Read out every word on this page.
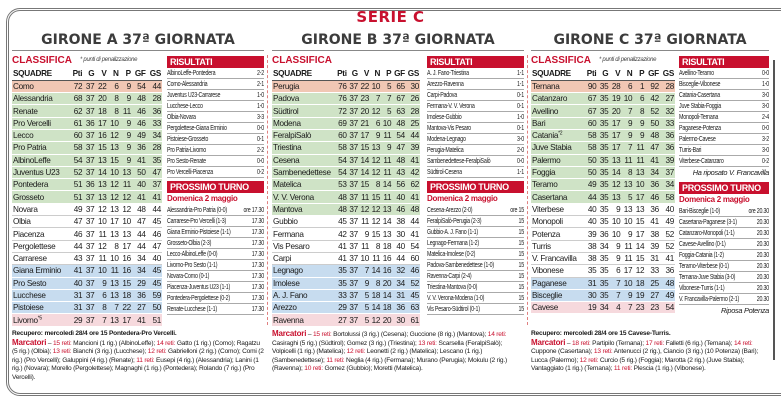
SERIE C
GIRONE A 37ª GIORNATA
CLASSIFICA * punti di penalizzazione
SQUADRE	Pti	G	V	N	P	GF	GS
Como	72	37	22	6	9	54	44
Alessandria	68	37	20	8	9	48	28
Renate	62	37	18	8	11	46	36
Pro Vercelli	61	36	17	10	9	46	33
Lecco	60	37	16	12	9	49	34
Pro Patria	58	37	15	13	9	36	28
AlbinoLeffe	54	37	13	15	9	41	35
Juventus U23	52	37	14	10	13	50	47
Pontedera	51	36	13	12	11	40	37
Grosseto	51	37	13	12	12	41	41
Novara	49	37	12	13	12	48	44
Olbia	47	37	10	17	10	47	45
Piacenza	46	37	11	13	13	44	46
Pergolettese	44	37	12	8	17	44	47
Carrarese	43	37	11	10	16	34	40
Giana Erminio	41	37	10	11	16	34	45
Pro Sesto	40	37	9	13	15	29	45
Lucchese	31	37	6	13	18	36	59
Pistoiese	31	37	8	7	22	27	50
Livorno$^{*5}$	29	37	7	13	17	41	51
RISULTATI
AlbinoLeffe-Pontedera	2-2
Como-Alessandria	2-1
Juventus U23-Carrarese	1-0
Lucchese-Lecco	1-0
Olbia-Novara	3-3
Pergolettese-Giana Erminio	0-0
Pistoiese-Grosseto	0-1
Pro Patria-Livorno	2-2
Pro Sesto-Renate	0-0
Pro Vercelli-Piacenza	0-2
PROSSIMO TURNO
Domenica 2 maggio
Alessandria-Pro Patria (0-0) ore 17.30
Carrarese-Pro Vercelli (1-3)	17.30
Giana Erminio-Pistoiese (1-1)	17.30
Grosseto-Olbia (2-3)	17.30
Lecco-AlbinoLeffe (0-0)	17.30
Livorno-Pro Sesto (1-1)	17.30
Novara-Como (0-1)	17.30
Piacenza-Juventus U23 (1-1)	17.30
Pontedera-Pergolettese (0-2)	17.30
Renate-Lucchese (1-1)	17.30
Recupero: mercoledì 28/4 ore 15 Pontedera-Pro Vercelli.
Marcatori – 15 reti: Mancioni (1 rig.) (AlbinoLeffe); 14 reti: Gatto (1 rig.) (Como); Ragatzu (5 rig.) (Olbia); 13 reti: Bianchi (3 rig.) (Lucchese); 12 reti: Gabrielloni (2 rig.) (Como); Comi (2 rig.) (Pro Vercelli); Galuppini (4 rig.) (Renate); 11 reti: Eusepi (4 rig.) (Alessandria); Lanini (1 rig.) (Novara); Morello (Pergolettese); Magnaghi (1 rig.) (Pontedera); Rolando (7 rig.) (Pro Vercelli).
GIRONE B 37ª GIORNATA
CLASSIFICA
SQUADRE	Pti	G	V	N	P	GF	GS
Perugia	76	37	22	10	5	65	30
Padova	76	37	23	7	7	67	26
Südtirol	72	37	20	12	5	63	28
Modena	69	37	21	6	10	48	25
FeralpiSalò	60	37	17	9	11	54	44
Triestina	58	37	15	13	9	47	39
Cesena	54	37	14	12	11	48	41
Sambenedettese	54	37	14	12	11	43	42
Matelica	53	37	15	8	14	56	62
V. V. Verona	48	37	11	15	11	40	41
Mantova	48	37	12	12	13	46	48
Gubbio	45	37	11	12	14	38	44
Fermana	42	37	9	15	13	30	41
Vis Pesaro	41	37	11	8	18	40	54
Carpi	41	37	10	11	16	44	60
Legnago	35	37	7	14	16	32	46
Imolese	35	37	9	8	20	34	52
A. J. Fano	33	37	5	18	14	31	45
Arezzo	29	37	5	14	18	36	63
Ravenna	27	37	5	12	20	30	61
RISULTATI
A. J. Fano-Triestina	1-1
Arezzo-Ravenna	1-1
Carpi-Padova	0-1
Fermana-V. V. Verona	0-1
Imolese-Gubbio	1-0
Mantova-Vis Pesaro	0-1
Modena-Legnago	3-0
Perugia-Matelica	2-0
Sambenedettese-FeralpiSalò	0-0
Südtirol-Cesena	1-1
PROSSIMO TURNO
Domenica 2 maggio
Cesena-Arezzo (2-0)	ore 15
FeralpiSalò-Perugia (2-3)	15
Gubbio-A. J. Fano (1-1)	15
Legnago-Fermana (1-2)	15
Matelica-Imolese (0-2)	15
Padova-Sambenedettese (1-0)	15
Ravenna-Carpi (2-4)	15
Triestina-Mantova (0-0)	15
V. V. Verona-Modena (1-0)	15
Vis Pesaro-Südtirol (0-1)	15
Marcatori – 15 reti: Bortolussi (3 rig.) (Cesena); Guccione (8 rig.) (Mantova); 14 reti: Casiraghi (5 rig.) (Südtirol); Gomez (3 rig.) (Triestina); 13 reti: Scarsella (FeralpiSalò); Volpicelli (1 rig.) (Matelica); 12 reti: Leonetti (2 rig.) (Matelica); Lescano (1 rig.) (Sambenedettese); 11 reti: Neglia (4 rig.) (Fermana); Murano (Perugia); Mokulu (2 rig.) (Ravenna); 10 reti: Gomez (Gubbio); Moretti (Matelica).
GIRONE C 37ª GIORNATA
CLASSIFICA * punti di penalizzazione
SQUADRE	Pti	G	V	N	P	GF	GS
Ternana	90	35	28	6	1	92	28
Catanzaro	67	35	19	10	6	42	27
Avellino	67	35	20	7	8	52	32
Bari	60	35	17	9	9	50	33
Catania$^{*2}$	58	35	17	9	9	48	36
Juve Stabia	58	35	17	7	11	47	36
Palermo	50	35	13	11	11	41	39
Foggia	50	35	14	8	13	34	37
Teramo	49	35	12	13	10	36	34
Casertana	44	35	13	5	17	46	58
Viterbese	40	35	9	13	13	36	40
Monopoli	40	35	10	10	15	41	49
Potenza	39	36	10	9	17	38	52
Turris	38	34	9	11	14	39	52
V. Francavilla	38	35	9	11	15	31	41
Vibonese	35	35	6	17	12	33	36
Paganese	31	35	7	10	18	25	48
Bisceglie	30	35	7	9	19	27	49
Cavese	19	34	4	7	23	23	54
RISULTATI
Avellino-Teramo	0-0
Bisceglie-Vibonese	1-0
Catania-Casertana	3-0
Juve Stabia-Foggia	3-0
Monopoli-Ternana	2-4
Paganese-Potenza	0-0
Palermo-Cavese	3-2
Turris-Bari	3-0
Viterbese-Catanzaro	0-2
Ha riposato V. Francavilla
PROSSIMO TURNO
Domenica 2 maggio
Bari-Bisceglie (1-0)	ore 20.30
Casertana-Paganese (3-1)	20.30
Catanzaro-Monopoli (1-1)	20.30
Cavese-Avellino (0-1)	20.30
Foggia-Catania (1-2)	20.30
Teramo-Viterbese (0-1)	20.30
Ternana-Juve Stabia (3-0)	20.30
Vibonese-Turris (1-1)	20.30
V. Francavilla-Palermo (2-1) 20.30
Riposa Potenza
Recupero: mercoledì 28/4 ore 15 Cavese-Turris.
Marcatori – 18 reti: Partipilo (Ternana); 17 reti: Falletti (6 rig.) (Ternana); 14 reti: Cuppone (Casertana); 13 reti: Antenucci (2 rig.), Ciancio (3 rig.) (10 Potenza) (Bari); Lucca (Palermo); 12 reti: Curcio (5 rig.) (Foggia); Marotta (2 rig.) (Juve Stabia); Vantaggiato (1 rig.) (Ternana); 11 reti: Plescia (1 rig.) (Vibonese).
